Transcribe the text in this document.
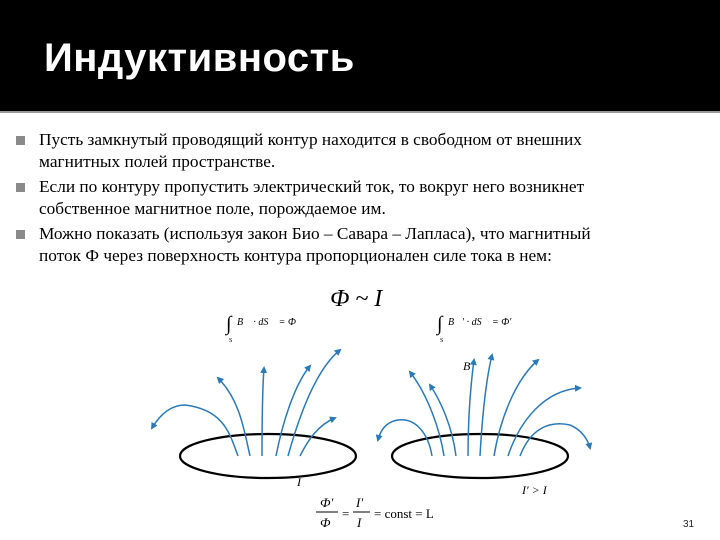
Индуктивность
Пусть замкнутый проводящий контур находится в свободном от внешних
магнитных полей пространстве.
Если по контуру пропустить электрический ток, то вокруг него возникнет
собственное магнитное поле, порождаемое им.
Можно показать (используя закон Био – Савара – Лапласа), что магнитный
поток Ф через поверхность контура пропорционален силе тока в нем:
Ф ~ I
∫
S
B⃗ · dS⃗ = Ф	∫
S
B⃗′ · dS⃗ = Ф′
I
B⃗
I′ > I
Ф′
Ф
=
I′
I
= const = L
31
